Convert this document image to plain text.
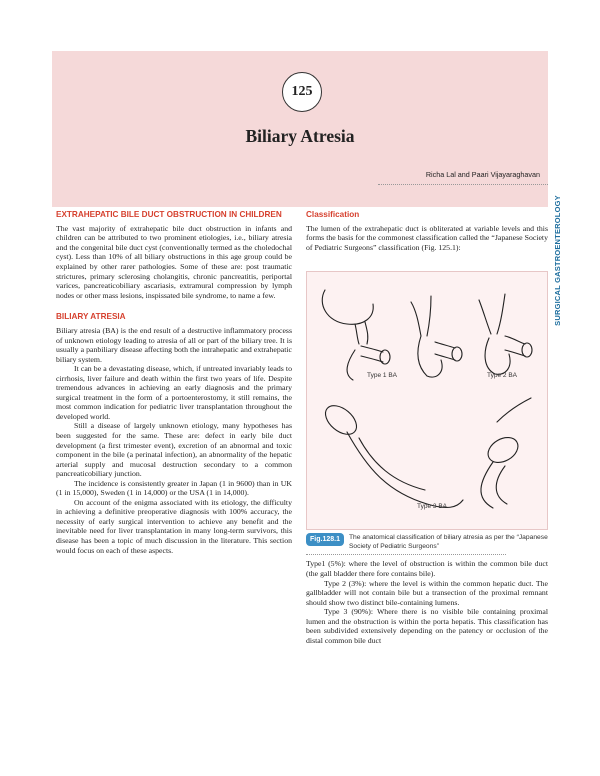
125
Biliary Atresia
Richa Lal and Paari Vijayaraghavan
SURGICAL GASTROENTEROLOGY
EXTRAHEPATIC BILE DUCT OBSTRUCTION IN CHILDREN

The vast majority of extrahepatic bile duct obstruction in infants and children can be attributed to two prominent etiologies, i.e., biliary atresia and the congenital bile duct cyst (conventionally termed as the choledochal cyst). Less than 10% of all biliary obstructions in this age group could be explained by other rarer pathologies. Some of these are: post traumatic strictures, primary sclerosing cholangitis, chronic pancreatitis, periportal varices, pancreaticobiliary ascariasis, extramural compression by lymph nodes or other mass lesions, inspissated bile syndrome, to name a few.

BILIARY ATRESIA

Biliary atresia (BA) is the end result of a destructive inflammatory process of unknown etiology leading to atresia of all or part of the biliary tree. It is usually a panbiliary disease affecting both the intrahepatic and extrahepatic biliary system.

It can be a devastating disease, which, if untreated invariably leads to cirrhosis, liver failure and death within the first two years of life. Despite tremendous advances in achieving an early diagnosis and the primary surgical treatment in the form of a portoenterostomy, it still remains, the most common indication for pediatric liver transplantation throughout the developed world.

Still a disease of largely unknown etiology, many hypotheses has been suggested for the same. These are: defect in early bile duct development (a first trimester event), excretion of an abnormal and toxic component in the bile (a perinatal infection), an abnormality of the hepatic arterial supply and mucosal destruction secondary to a common pancreaticobiliary junction.

The incidence is consistently greater in Japan (1 in 9600) than in UK (1 in 15,000), Sweden (1 in 14,000) or the USA (1 in 14,000).

On account of the enigma associated with its etiology, the difficulty in achieving a definitive preoperative diagnosis with 100% accuracy, the necessity of early surgical intervention to achieve any benefit and the inevitable need for liver transplantation in many long-term survivors, this disease has been a topic of much discussion in the literature. This section would focus on each of these aspects.

Classification

The lumen of the extrahepatic duct is obliterated at variable levels and this forms the basis for the commonest classification called the “Japanese Society of Pediatric Surgeons” classification (Fig. 125.1):

Type 1 BA	Type 2 BA
Type 3 BA
Fig.128.1	The anatomical classification of biliary atresia as per the “Japanese Society of Pediatric Surgeons”

Type1 (5%): where the level of obstruction is within the common bile duct (the gall bladder there fore contains bile).

Type 2 (3%): where the level is within the common hepatic duct. The gallbladder will not contain bile but a transection of the proximal remnant should show two distinct bile-containing lumens.

Type 3 (90%): Where there is no visible bile containing proximal lumen and the obstruction is within the porta hepatis. This classification has been subdivided extensively depending on the patency or occlusion of the distal common bile duct
